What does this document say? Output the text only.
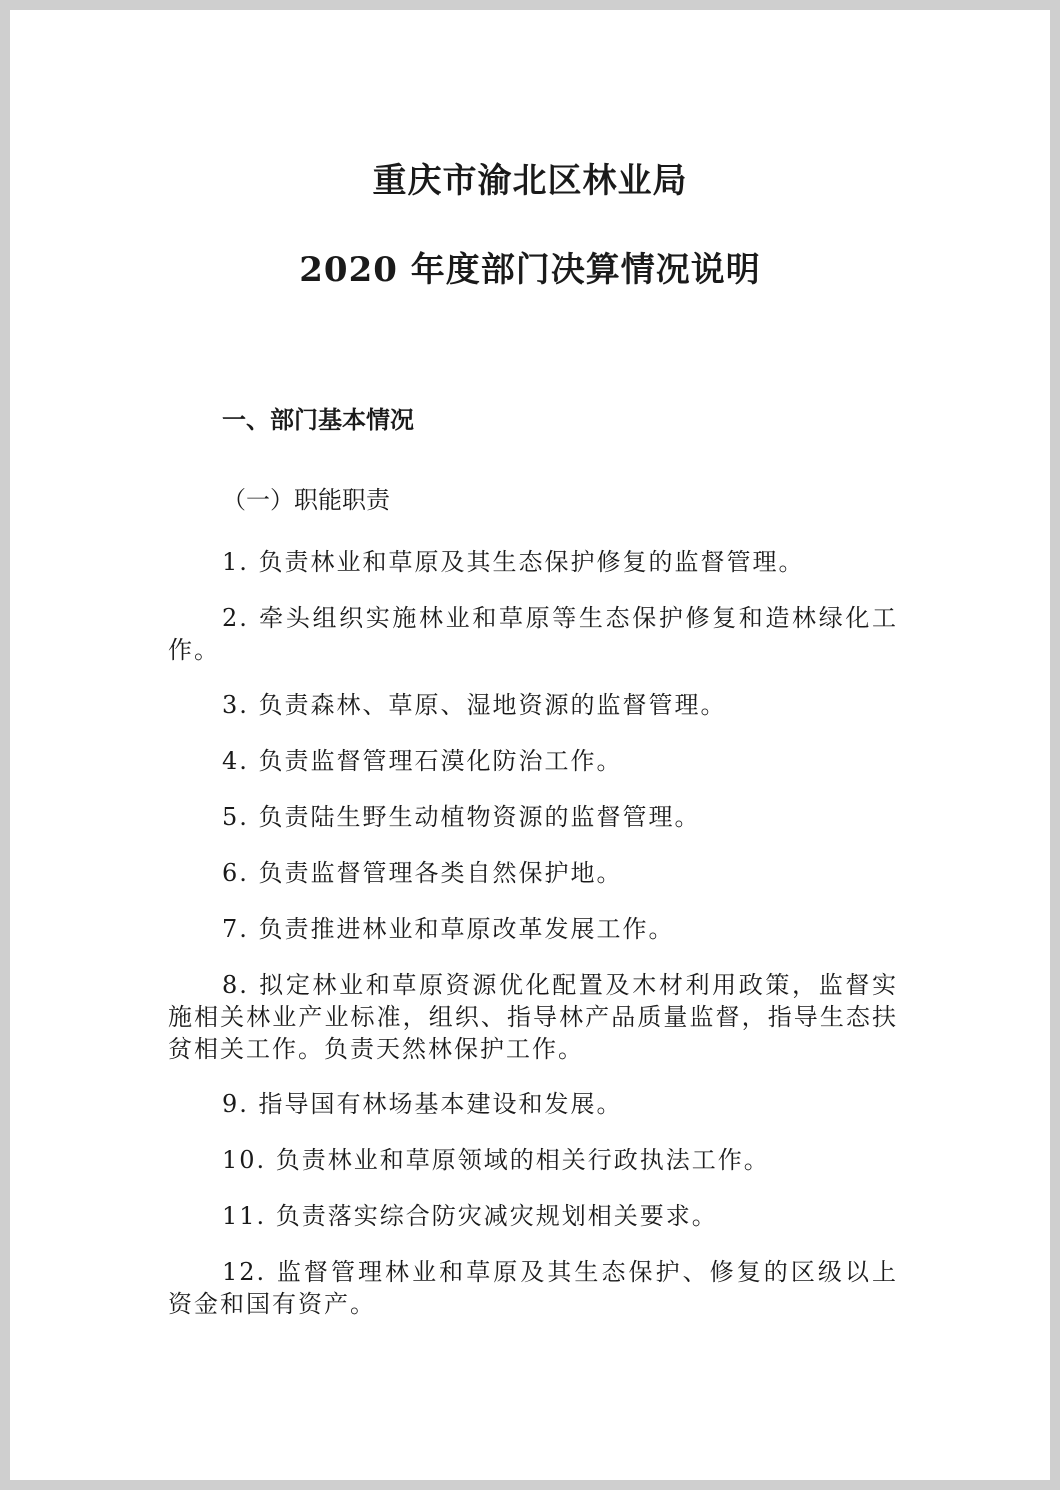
重庆市渝北区林业局
2020 年度部门决算情况说明
一、部门基本情况
（一）职能职责
1. 负责林业和草原及其生态保护修复的监督管理。
2. 牵头组织实施林业和草原等生态保护修复和造林绿化工作。
3. 负责森林、草原、湿地资源的监督管理。
4. 负责监督管理石漠化防治工作。
5. 负责陆生野生动植物资源的监督管理。
6. 负责监督管理各类自然保护地。
7. 负责推进林业和草原改革发展工作。
8. 拟定林业和草原资源优化配置及木材利用政策，监督实施相关林业产业标准，组织、指导林产品质量监督，指导生态扶贫相关工作。负责天然林保护工作。
9. 指导国有林场基本建设和发展。
10. 负责林业和草原领域的相关行政执法工作。
11. 负责落实综合防灾减灾规划相关要求。
12. 监督管理林业和草原及其生态保护、修复的区级以上资金和国有资产。
